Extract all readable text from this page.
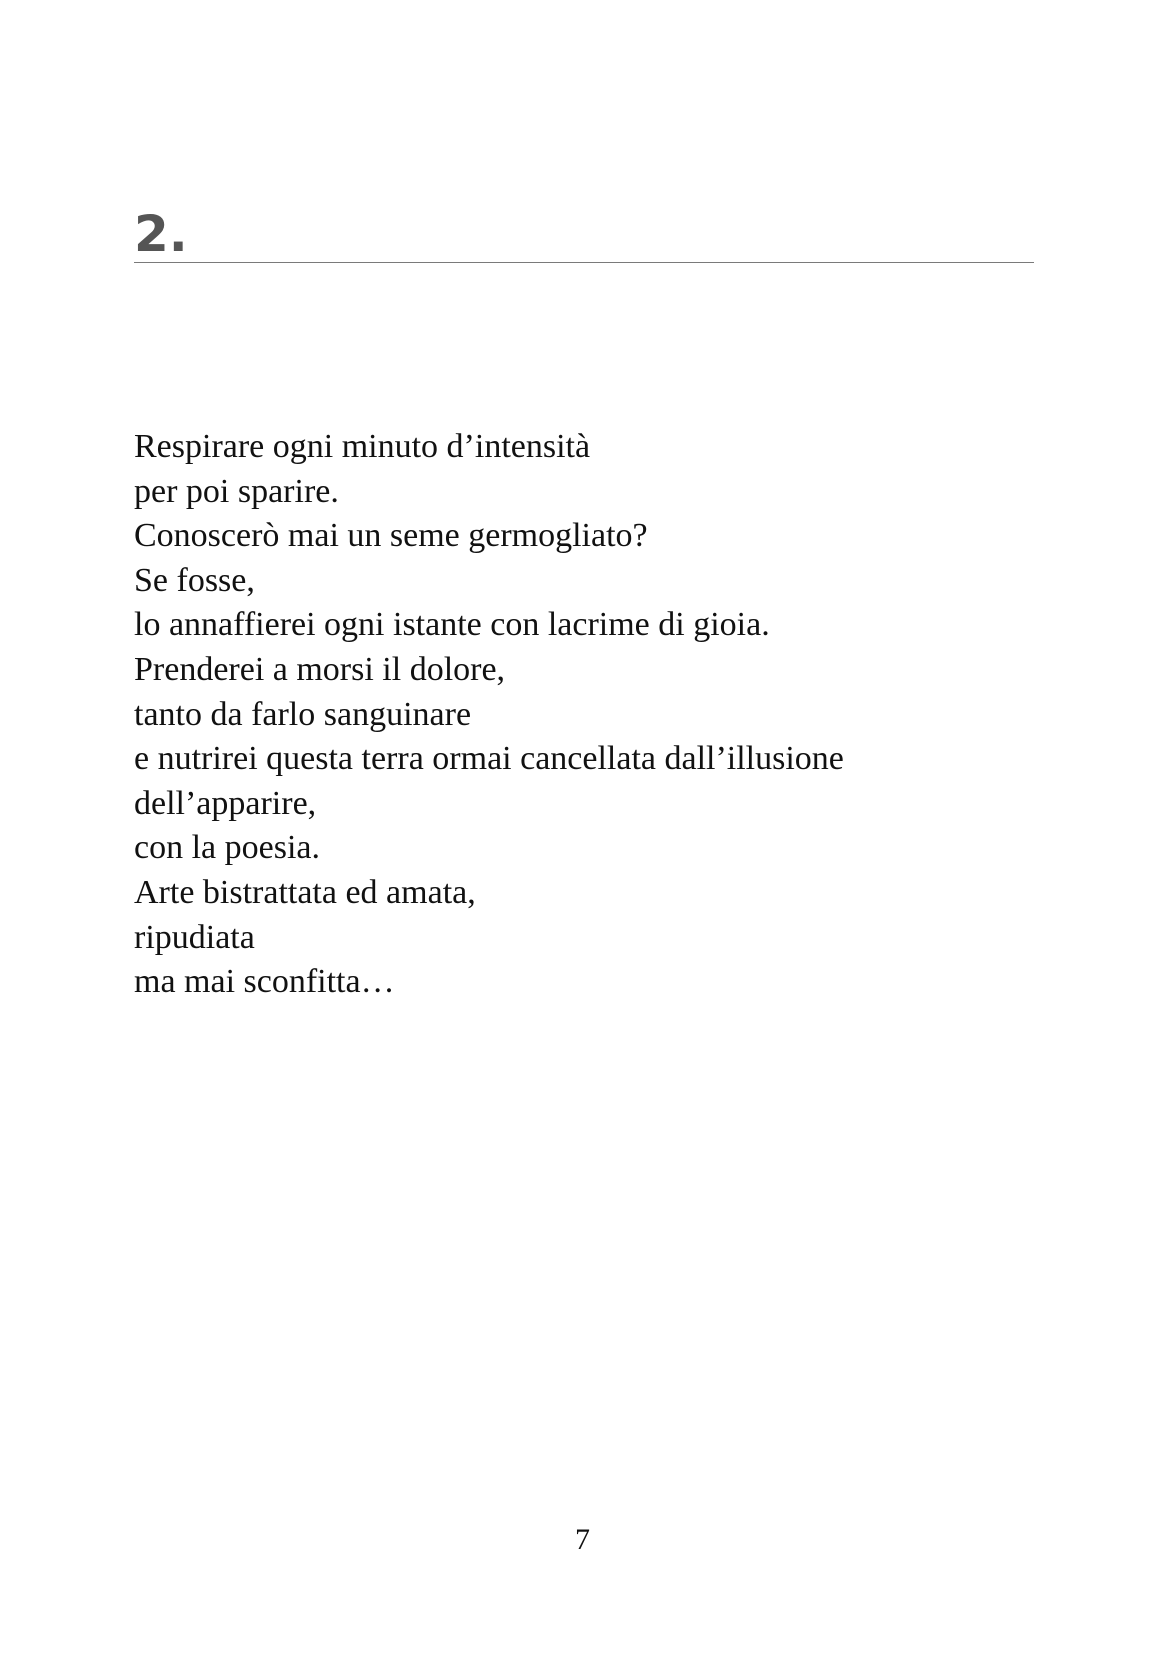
2.
Respirare ogni minuto d’intensità
per poi sparire.
Conoscerò mai un seme germogliato?
Se fosse,
lo annaffierei ogni istante con lacrime di gioia.
Prenderei a morsi il dolore,
tanto da farlo sanguinare
e nutrirei questa terra ormai cancellata dall’illusione
dell’apparire,
con la poesia.
Arte bistrattata ed amata,
ripudiata
ma mai sconfitta…
7
